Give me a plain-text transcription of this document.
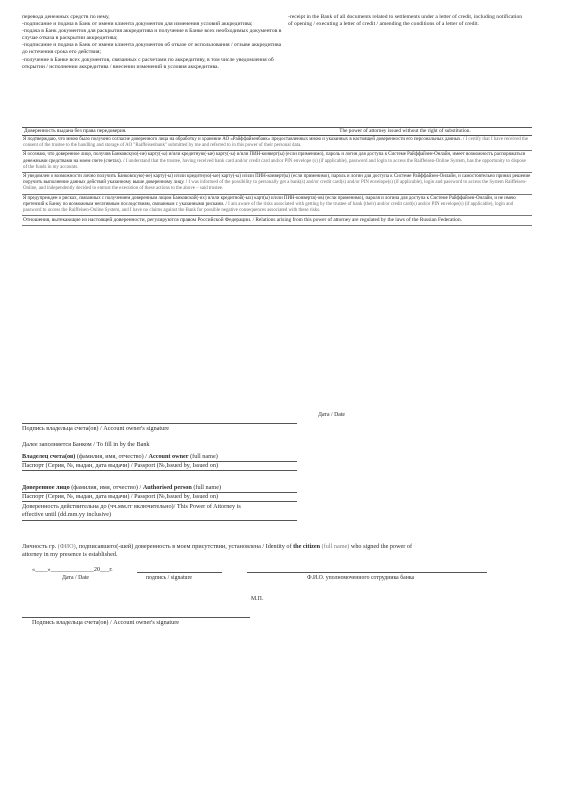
перевода денежных средств по нему,
-подписание и подача в Банк от имени клиента документов для изменения условий аккредитива;
-подача в Банк документов для раскрытия аккредитива и получение в Банке всех необходимых документов в случае отказа в раскрытии аккредитива;
-подписание и подача в Банк от имени клиента документов об отказе от использования / отзыве аккредитива до истечения срока его действия;
-получение в Банке всех документов, связанных с расчетами по аккредитиву, в том числе уведомления об открытии / исполнении аккредитива / внесении изменений в условия аккредитива.
-receipt in the Bank of all documents related to settlements under a letter of credit, including notification of opening / executing a letter of credit / amending the conditions of a letter of credit.
Доверенность выдана без права передоверия.	The power of attorney issued without the right of substitution.
Я подтверждаю, что мною было получено согласие доверенного лица на обработку и хранение АО «Райффайзенбанк» предоставленных мною и указанных в настоящей доверенности его персональных данных. / I certify that I have received the consent of the trustee to the handling and storage of AO "Raiffeisenbank" submitted by me and referred to in this power of their personal data.
Я осознаю, что доверенное лицо, получив Банковскую(-ие) карту(-ы) и/или кредитную(-ые) карту(-ы) и/или ПИН-конверт(ы) (если применимо), пароль и логин для доступа к Системе Райффайзен-Онлайн, имеет возможность распоряжаться денежными средствами на моем счете (счетах). / I understand that the trustee, having received bank card and/or credit card and/or PIN envelope (s) (if applicable), password and login to access the Raiffeisen-Online System, has the opportunity to dispose of the funds in my accounts.
Я уведомлен о возможности лично получить Банковскую(-ие) карту(-ы) и/или кредитную(-ые) карту(-ы) и/или ПИН-конверт(ы) (если применимо), пароль и логин для доступа к Системе Райффайзен-Онлайн, и самостоятельно принял решение поручить выполнение данных действий указанному выше доверенному лицу. / I was informed of the possibility to personally get a bank(s) and/or credit card(s) and/or PIN envelope(s) (if applicable), login and password to access the System Raiffeisen-Online, and independently decided to entrust the execution of these actions to the above – said trustee.
Я предупрежден о рисках, связанных с получением доверенным лицом Банковской(-их) и/или кредитной(-ых) карт(ы) и/или ПИН-конверта(-ов) (если применимо), пароля и логина для доступа к Системе Райффайзен-Онлайн, и не имею претензий к Банку по возможным негативным последствиям, связанным с указанными рисками. / I am aware of the risks associated with getting by the trustee of bank (their) and/or credit card(s) and/or PIN envelope(s) (if applicable), login and password to access the Raiffeisen-Online System, and I have no claims against the Bank for possible negative consequences associated with these risks.
Отношения, вытекающие из настоящей доверенности, регулируются правом Российской Федерации. / Relations arising from this power of attorney are regulated by the laws of the Russian Federation.
Дата / Date
Подпись владельца счета(ов) / Account owner's signature
Далее заполняется Банком / To fill in by the Bank
Владелец счета(ов) (фамилия, имя, отчество) / Account owner (full name)
Паспорт (Серия, №, выдан, дата выдачи) / Passport (№,Issued by, Issued on)
Доверенное лицо (фамилия, имя, отчество) / Authorised person (full name)
Паспорт (Серия, №, выдан, дата выдачи) / Passport (№,Issued by, Issued on)
Доверенность действительна до (чч.мм.гг включительно)/ This Power of Attorney is
effective until (dd.mm.yy inclusive)
Личность гр. (ФИО), подписавшего(-шей) доверенность в моем присутствии, установлена / Identity of the citizen (full name) who signed the power of
attorney in my presence is established.
«____»______________20___г.
Дата / Date	подпись / signature	Ф.И.О. уполномоченного сотрудника банка
М.П.
Подпись владельца счета(ов) / Account owner's signature
